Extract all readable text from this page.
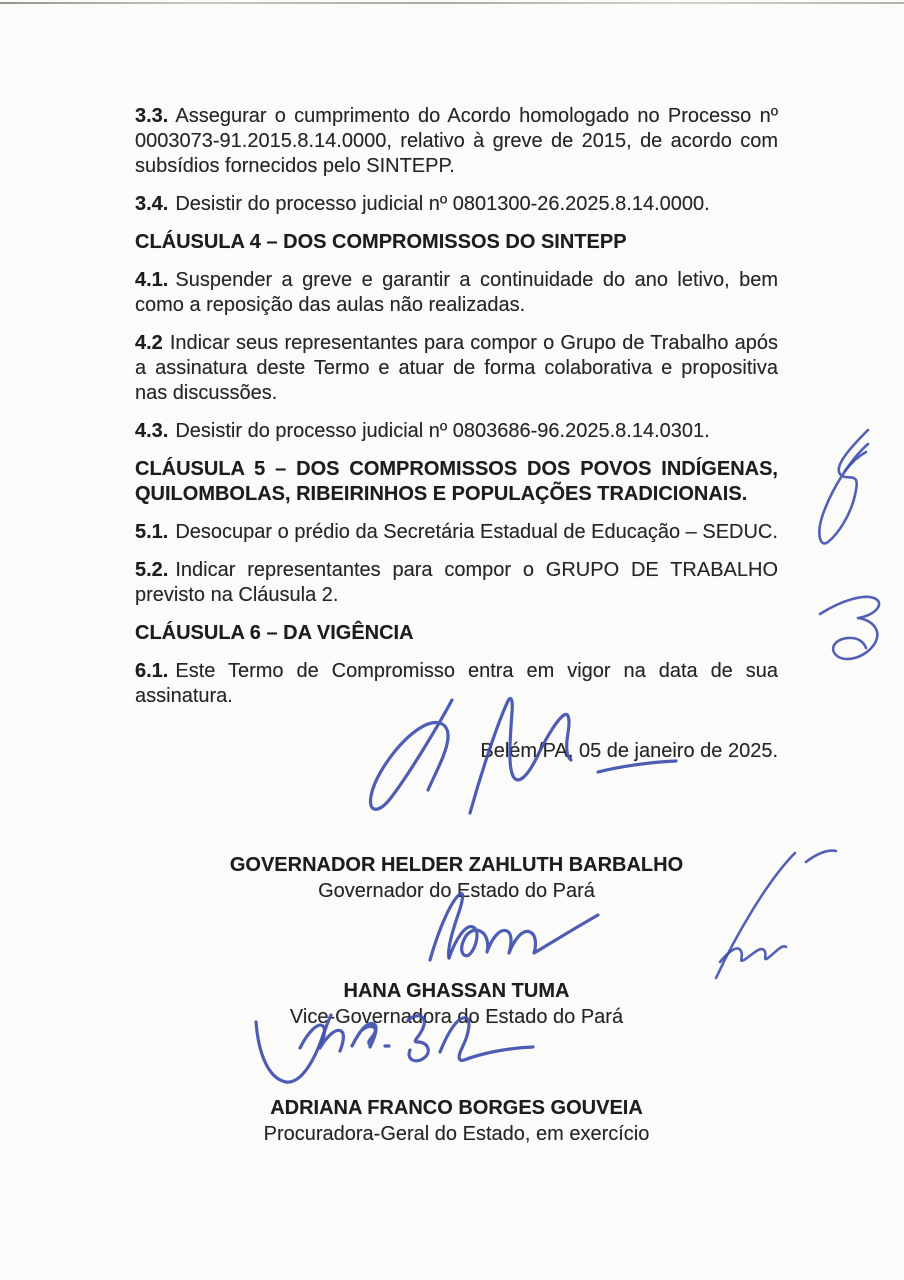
3.3. Assegurar o cumprimento do Acordo homologado no Processo nº 0003073-91.2015.8.14.0000, relativo à greve de 2015, de acordo com subsídios fornecidos pelo SINTEPP.

3.4. Desistir do processo judicial nº 0801300-26.2025.8.14.0000.

CLÁUSULA 4 – DOS COMPROMISSOS DO SINTEPP

4.1. Suspender a greve e garantir a continuidade do ano letivo, bem como a reposição das aulas não realizadas.

4.2 Indicar seus representantes para compor o Grupo de Trabalho após a assinatura deste Termo e atuar de forma colaborativa e propositiva nas discussões.

4.3. Desistir do processo judicial nº 0803686-96.2025.8.14.0301.

CLÁUSULA 5 – DOS COMPROMISSOS DOS POVOS INDÍGENAS, QUILOMBOLAS, RIBEIRINHOS E POPULAÇÕES TRADICIONAIS.

5.1. Desocupar o prédio da Secretária Estadual de Educação – SEDUC.

5.2. Indicar representantes para compor o GRUPO DE TRABALHO previsto na Cláusula 2.

CLÁUSULA 6 – DA VIGÊNCIA

6.1. Este Termo de Compromisso entra em vigor na data de sua assinatura.

Belém/PA, 05 de janeiro de 2025.

GOVERNADOR HELDER ZAHLUTH BARBALHO
Governador do Estado do Pará
HANA GHASSAN TUMA
Vice-Governadora do Estado do Pará
ADRIANA FRANCO BORGES GOUVEIA
Procuradora-Geral do Estado, em exercício
